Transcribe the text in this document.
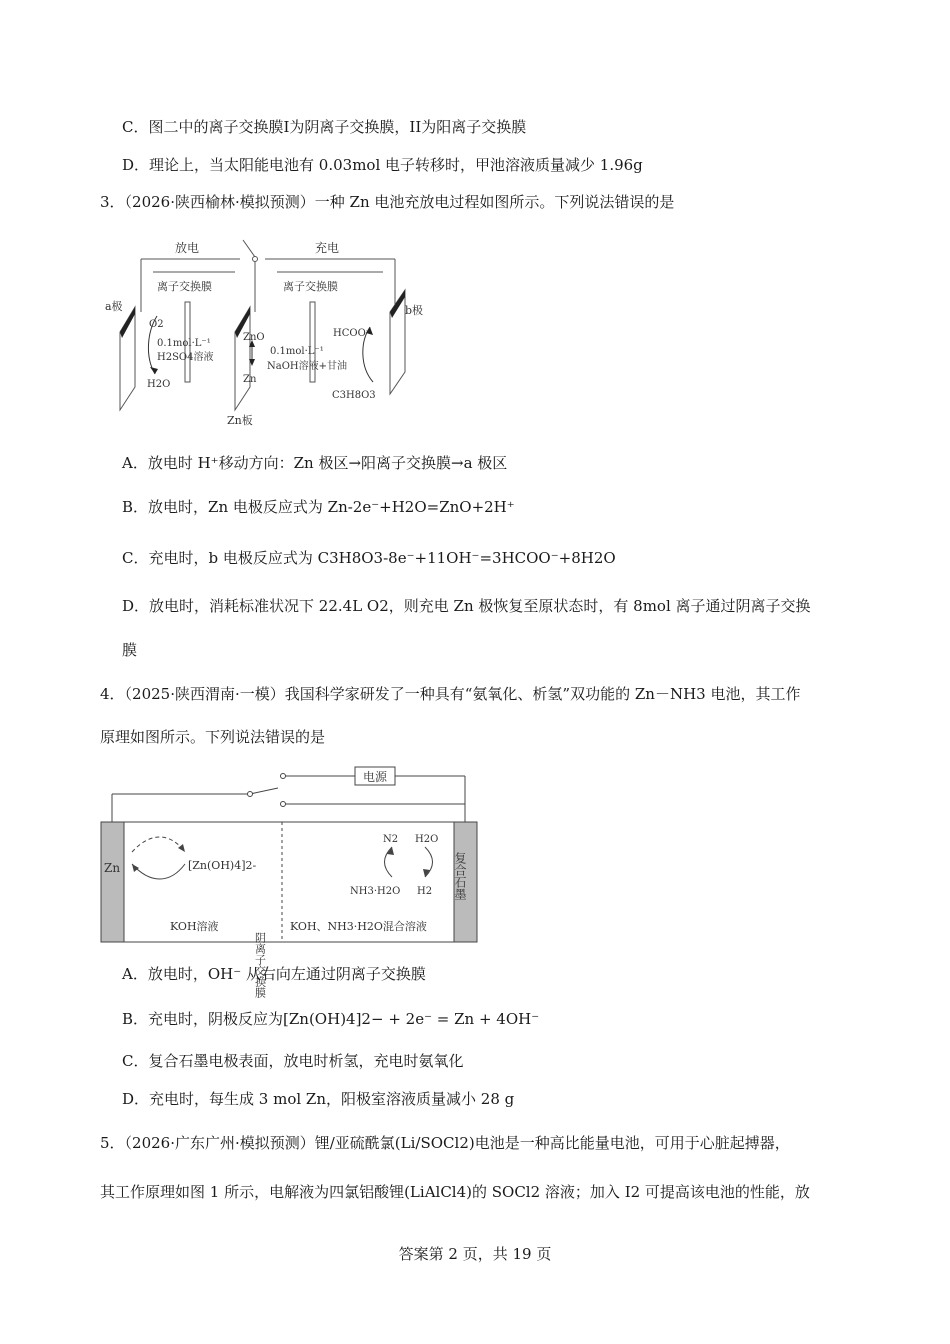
C．图二中的离子交换膜I为阴离子交换膜，II为阳离子交换膜
D．理论上，当太阳能电池有 0.03mol 电子转移时，甲池溶液质量减少 1.96g
3．（2026·陕西榆林·模拟预测）一种 Zn 电池充放电过程如图所示。下列说法错误的是
放电	充电
离子交换膜	离子交换膜
a极	b极
O2
0.1mol·L⁻¹
H2SO4溶液
H2O
ZnO
Zn
Zn板
0.1mol·L⁻¹
NaOH溶液+甘油
HCOO⁻
C3H8O3
A．放电时 H⁺移动方向：Zn 极区→阳离子交换膜→a 极区
B．放电时，Zn 电极反应式为 Zn-2e⁻+H2O=ZnO+2H⁺
C．充电时，b 电极反应式为 C3H8O3-8e⁻+11OH⁻=3HCOO⁻+8H2O
D．放电时，消耗标准状况下 22.4L O2，则充电 Zn 极恢复至原状态时，有 8mol 离子通过阴离子交换
膜
4．（2025·陕西渭南·一模）我国科学家研发了一种具有“氨氧化、析氢”双功能的 Zn－NH3 电池，其工作
原理如图所示。下列说法错误的是
电源
Zn	[Zn(OH)4]2-
阴离子交换膜
复合石墨
N2
NH3·H2O
H2O
H2
KOH溶液	KOH、NH3·H2O混合溶液
A．放电时，OH⁻ 从右向左通过阴离子交换膜
B．充电时，阴极反应为[Zn(OH)4]2− + 2e⁻ = Zn + 4OH⁻
C．复合石墨电极表面，放电时析氢，充电时氨氧化
D．充电时，每生成 3 mol Zn，阳极室溶液质量减小 28 g
5．（2026·广东广州·模拟预测）锂/亚硫酰氯(Li/SOCl2)电池是一种高比能量电池，可用于心脏起搏器，
其工作原理如图 1 所示，电解液为四氯铝酸锂(LiAlCl4)的 SOCl2 溶液；加入 I2 可提高该电池的性能，放
答案第 2 页，共 19 页
